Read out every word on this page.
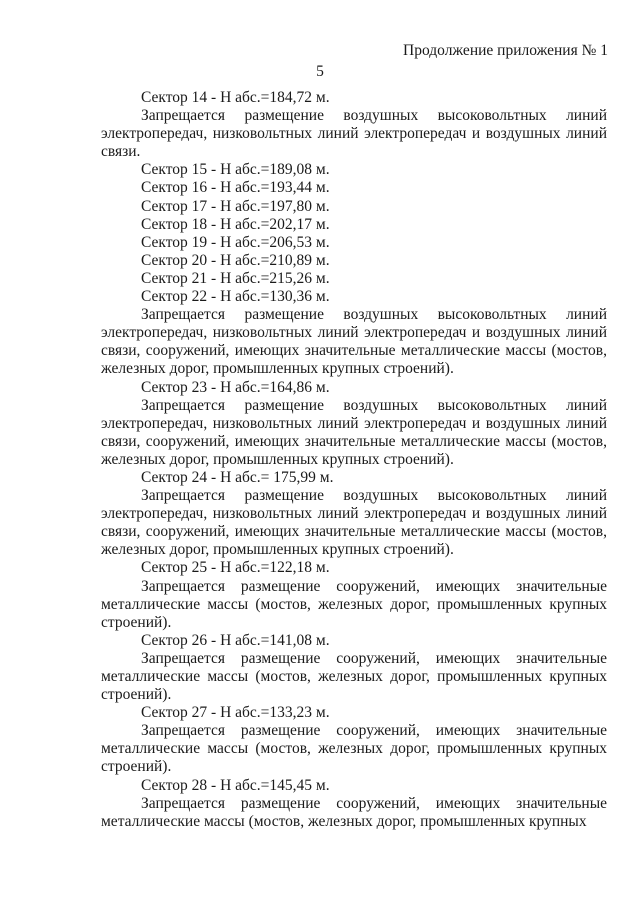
Продолжение приложения № 1
5

Сектор 14 - Н абс.=184,72 м.

Запрещается размещение воздушных высоковольтных линий электропередач, низковольтных линий электропередач и воздушных линий связи.

Сектор 15 - Н абс.=189,08 м.

Сектор 16 - Н абс.=193,44 м.

Сектор 17 - Н абс.=197,80 м.

Сектор 18 - Н абс.=202,17 м.

Сектор 19 - Н абс.=206,53 м.

Сектор 20 - Н абс.=210,89 м.

Сектор 21 - Н абс.=215,26 м.

Сектор 22 - Н абс.=130,36 м.

Запрещается размещение воздушных высоковольтных линий электропередач, низковольтных линий электропередач и воздушных линий связи, сооружений, имеющих значительные металлические массы (мостов, железных дорог, промышленных крупных строений).

Сектор 23 - Н абс.=164,86 м.

Запрещается размещение воздушных высоковольтных линий электропередач, низковольтных линий электропередач и воздушных линий связи, сооружений, имеющих значительные металлические массы (мостов, железных дорог, промышленных крупных строений).

Сектор 24 - Н абс.= 175,99 м.

Запрещается размещение воздушных высоковольтных линий электропередач, низковольтных линий электропередач и воздушных линий связи, сооружений, имеющих значительные металлические массы (мостов, железных дорог, промышленных крупных строений).

Сектор 25 - Н абс.=122,18 м.

Запрещается размещение сооружений, имеющих значительные металлические массы (мостов, железных дорог, промышленных крупных строений).

Сектор 26 - Н абс.=141,08 м.

Запрещается размещение сооружений, имеющих значительные металлические массы (мостов, железных дорог, промышленных крупных строений).

Сектор 27 - Н абс.=133,23 м.

Запрещается размещение сооружений, имеющих значительные металлические массы (мостов, железных дорог, промышленных крупных строений).

Сектор 28 - Н абс.=145,45 м.

Запрещается размещение сооружений, имеющих значительные металлические массы (мостов, железных дорог, промышленных крупных
